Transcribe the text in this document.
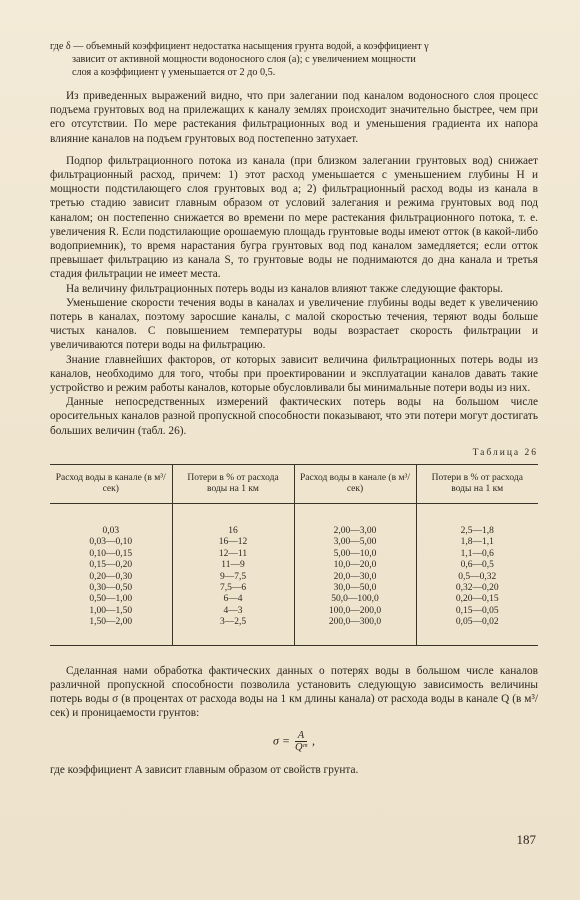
где δ — объемный коэффициент недостатка насыщения грунта водой, а коэффициент γ

зависит от активной мощности водоносного слоя (a); с увеличением мощности

слоя a коэффициент γ уменьшается от 2 до 0,5.

Из приведенных выражений видно, что при залегании под каналом водоносного слоя процесс подъема грунтовых вод на прилежащих к каналу землях происходит значительно быстрее, чем при его отсутствии. По мере растекания фильтрационных вод и уменьшения градиента их напора влияние каналов на подъем грунтовых вод постепенно затухает.

Подпор фильтрационного потока из канала (при близком залегании грунтовых вод) снижает фильтрационный расход, причем: 1) этот расход уменьшается с уменьшением глубины H и мощности подстилающего слоя грунтовых вод a; 2) фильтрационный расход воды из канала в третью стадию зависит главным образом от условий залегания и режима грунтовых вод под каналом; он постепенно снижается во времени по мере растекания фильтрационного потока, т. е. увеличения R. Если подстилающие орошаемую площадь грунтовые воды имеют отток (в какой-либо водоприемник), то время нарастания бугра грунтовых вод под каналом замедляется; если отток превышает фильтрацию из канала S, то грунтовые воды не поднимаются до дна канала и третья стадия фильтрации не имеет места.

На величину фильтрационных потерь воды из каналов влияют также следующие факторы.

Уменьшение скорости течения воды в каналах и увеличение глубины воды ведет к увеличению потерь в каналах, поэтому заросшие каналы, с малой скоростью течения, теряют воды больше чистых каналов. С повышением температуры воды возрастает скорость фильтрации и увеличиваются потери воды на фильтрацию.

Знание главнейших факторов, от которых зависит величина фильтрационных потерь воды из каналов, необходимо для того, чтобы при проектировании и эксплуатации каналов давать такие устройство и режим работы каналов, которые обусловливали бы минимальные потери воды из них.

Данные непосредственных измерений фактических потерь воды на большом числе оросительных каналов разной пропускной способности показывают, что эти потери могут достигать больших величин (табл. 26).

Таблица 26
Расход воды в канале (в м³/сек)	Потери в % от расхода воды на 1 км	Расход воды в канале (в м³/сек)	Потери в % от расхода воды на 1 км
0,03	16	2,00—3,00	2,5—1,8
0,03—0,10	16—12	3,00—5,00	1,8—1,1
0,10—0,15	12—11	5,00—10,0	1,1—0,6
0,15—0,20	11—9	10,0—20,0	0,6—0,5
0,20—0,30	9—7,5	20,0—30,0	0,5—0,32
0,30—0,50	7,5—6	30,0—50,0	0,32—0,20
0,50—1,00	6—4	50,0—100,0	0,20—0,15
1,00—1,50	4—3	100,0—200,0	0,15—0,05
1,50—2,00	3—2,5	200,0—300,0	0,05—0,02

Сделанная нами обработка фактических данных о потерях воды в большом числе каналов различной пропускной способности позволила установить следующую зависимость величины потерь воды σ (в процентах от расхода воды на 1 км длины канала) от расхода воды в канале Q (в м³/сек) и проницаемости грунтов:

$\sigma = \frac{A}{\text{Qᵐ}}$ ,

где коэффициент A зависит главным образом от свойств грунта.

187
